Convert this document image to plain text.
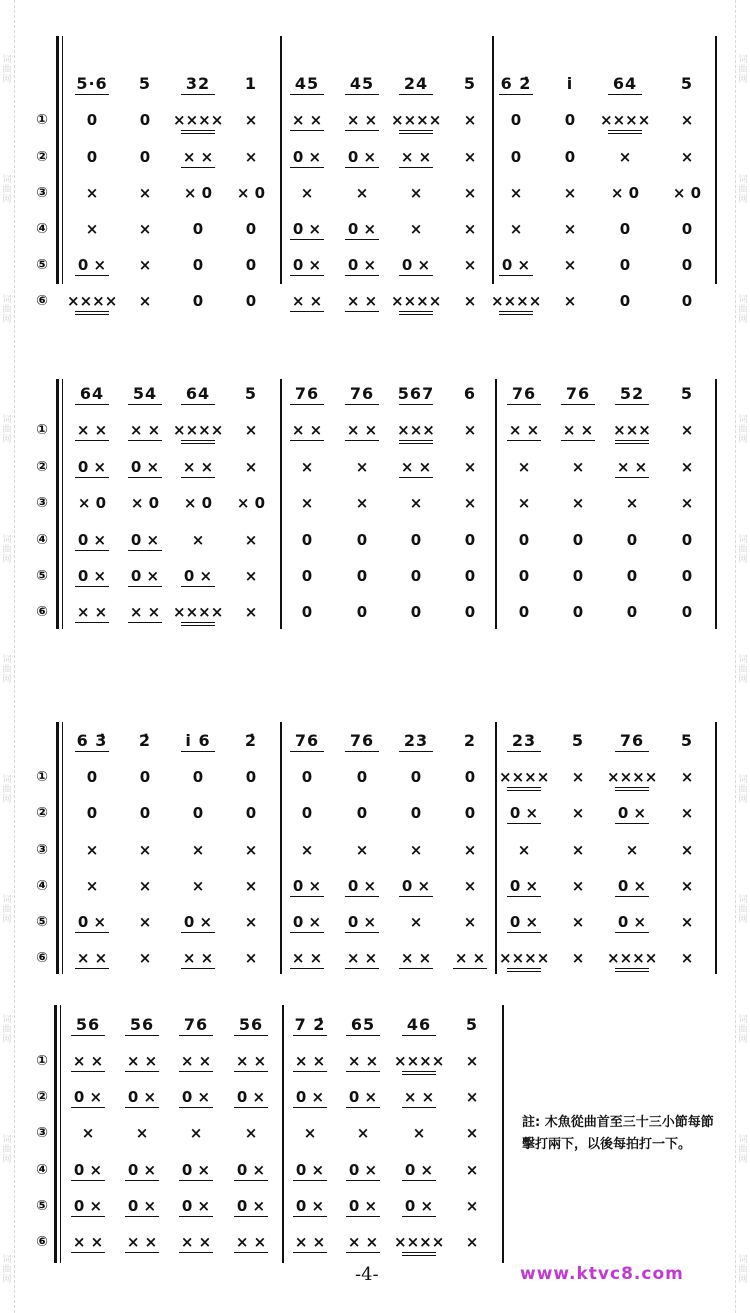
词
曲
网
词
曲
网
词
曲
网
词
曲
网
词
曲
网
词
曲
网
词
曲
网
词
曲
网
词
曲
网
词
曲
网
词
曲
网
词
曲
网
词
曲
网
词
曲
网
词
曲
网
词
曲
网
词
曲
网
词
曲
网
词
曲
网
词
曲
网
词
曲
网
词
曲
网
5·6	5	32	1	45	45	24	5	6 2̇	i	64	5
①	0	0	××××	×	× ×	× × ××××	×	0	0	××××	×
②	0	0	× ×	×	0 ×	0 ×	× ×	×	0	0	×	×
③	×	×	× 0	× 0	×	×	×	×	×	×	× 0	× 0
④	×	×	0	0	0 ×	0 ×	×	×	×	×	0	0
⑤	0 ×	×	0	0	0 ×	0 ×	0 ×	×	0 ×	×	0	0
⑥	××××	×	0	0	× ×	× × ××××	× ××××	×	0	0
64	54	64	5	76	76	567	6	76	76	52	5
①	× ×	× × ××××	×	× ×	× ×	×××	×	× ×	× ×	×××	×
②	0 ×	0 ×	× ×	×	×	×	× ×	×	×	×	× ×	×
③	× 0	× 0	× 0	× 0	×	×	×	×	×	×	×	×
④	0 ×	0 ×	×	×	0	0	0	0	0	0	0	0
⑤	0 ×	0 ×	0 ×	×	0	0	0	0	0	0	0	0
⑥	× ×	× × ××××	×	0	0	0	0	0	0	0	0
6 3̇	2̇	i 6	2̇	76	76	23	2	23	5	76	5
①	0	0	0	0	0	0	0	0	××××	×	××××	×
②	0	0	0	0	0	0	0	0	0 ×	×	0 ×	×
③	×	×	×	×	×	×	×	×	×	×	×	×
④	×	×	×	×	0 ×	0 ×	0 ×	×	0 ×	×	0 ×	×
⑤	0 ×	×	0 ×	×	0 ×	0 ×	×	×	0 ×	×	0 ×	×
⑥	× ×	×	× ×	×	× ×	× ×	× ×	× × ××××	×	××××	×
56	56	76	56	7 2̇	65	46	5
①	× ×	× ×	× ×	× ×	× ×	× ×	××××	×
②	0 ×	0 ×	0 ×	0 ×	0 ×	0 ×	× ×	×
③	×	×	×	×	×	×	×	×
④	0 ×	0 ×	0 ×	0 ×	0 ×	0 ×	0 ×	×
⑤	0 ×	0 ×	0 ×	0 ×	0 ×	0 ×	0 ×	×
⑥	× ×	× ×	× ×	× ×	× ×	× ×	××××	×
註: 木魚從曲首至三十三小節每節擊打兩下，以後每拍打一下。
-4-	www.ktvc8.com
